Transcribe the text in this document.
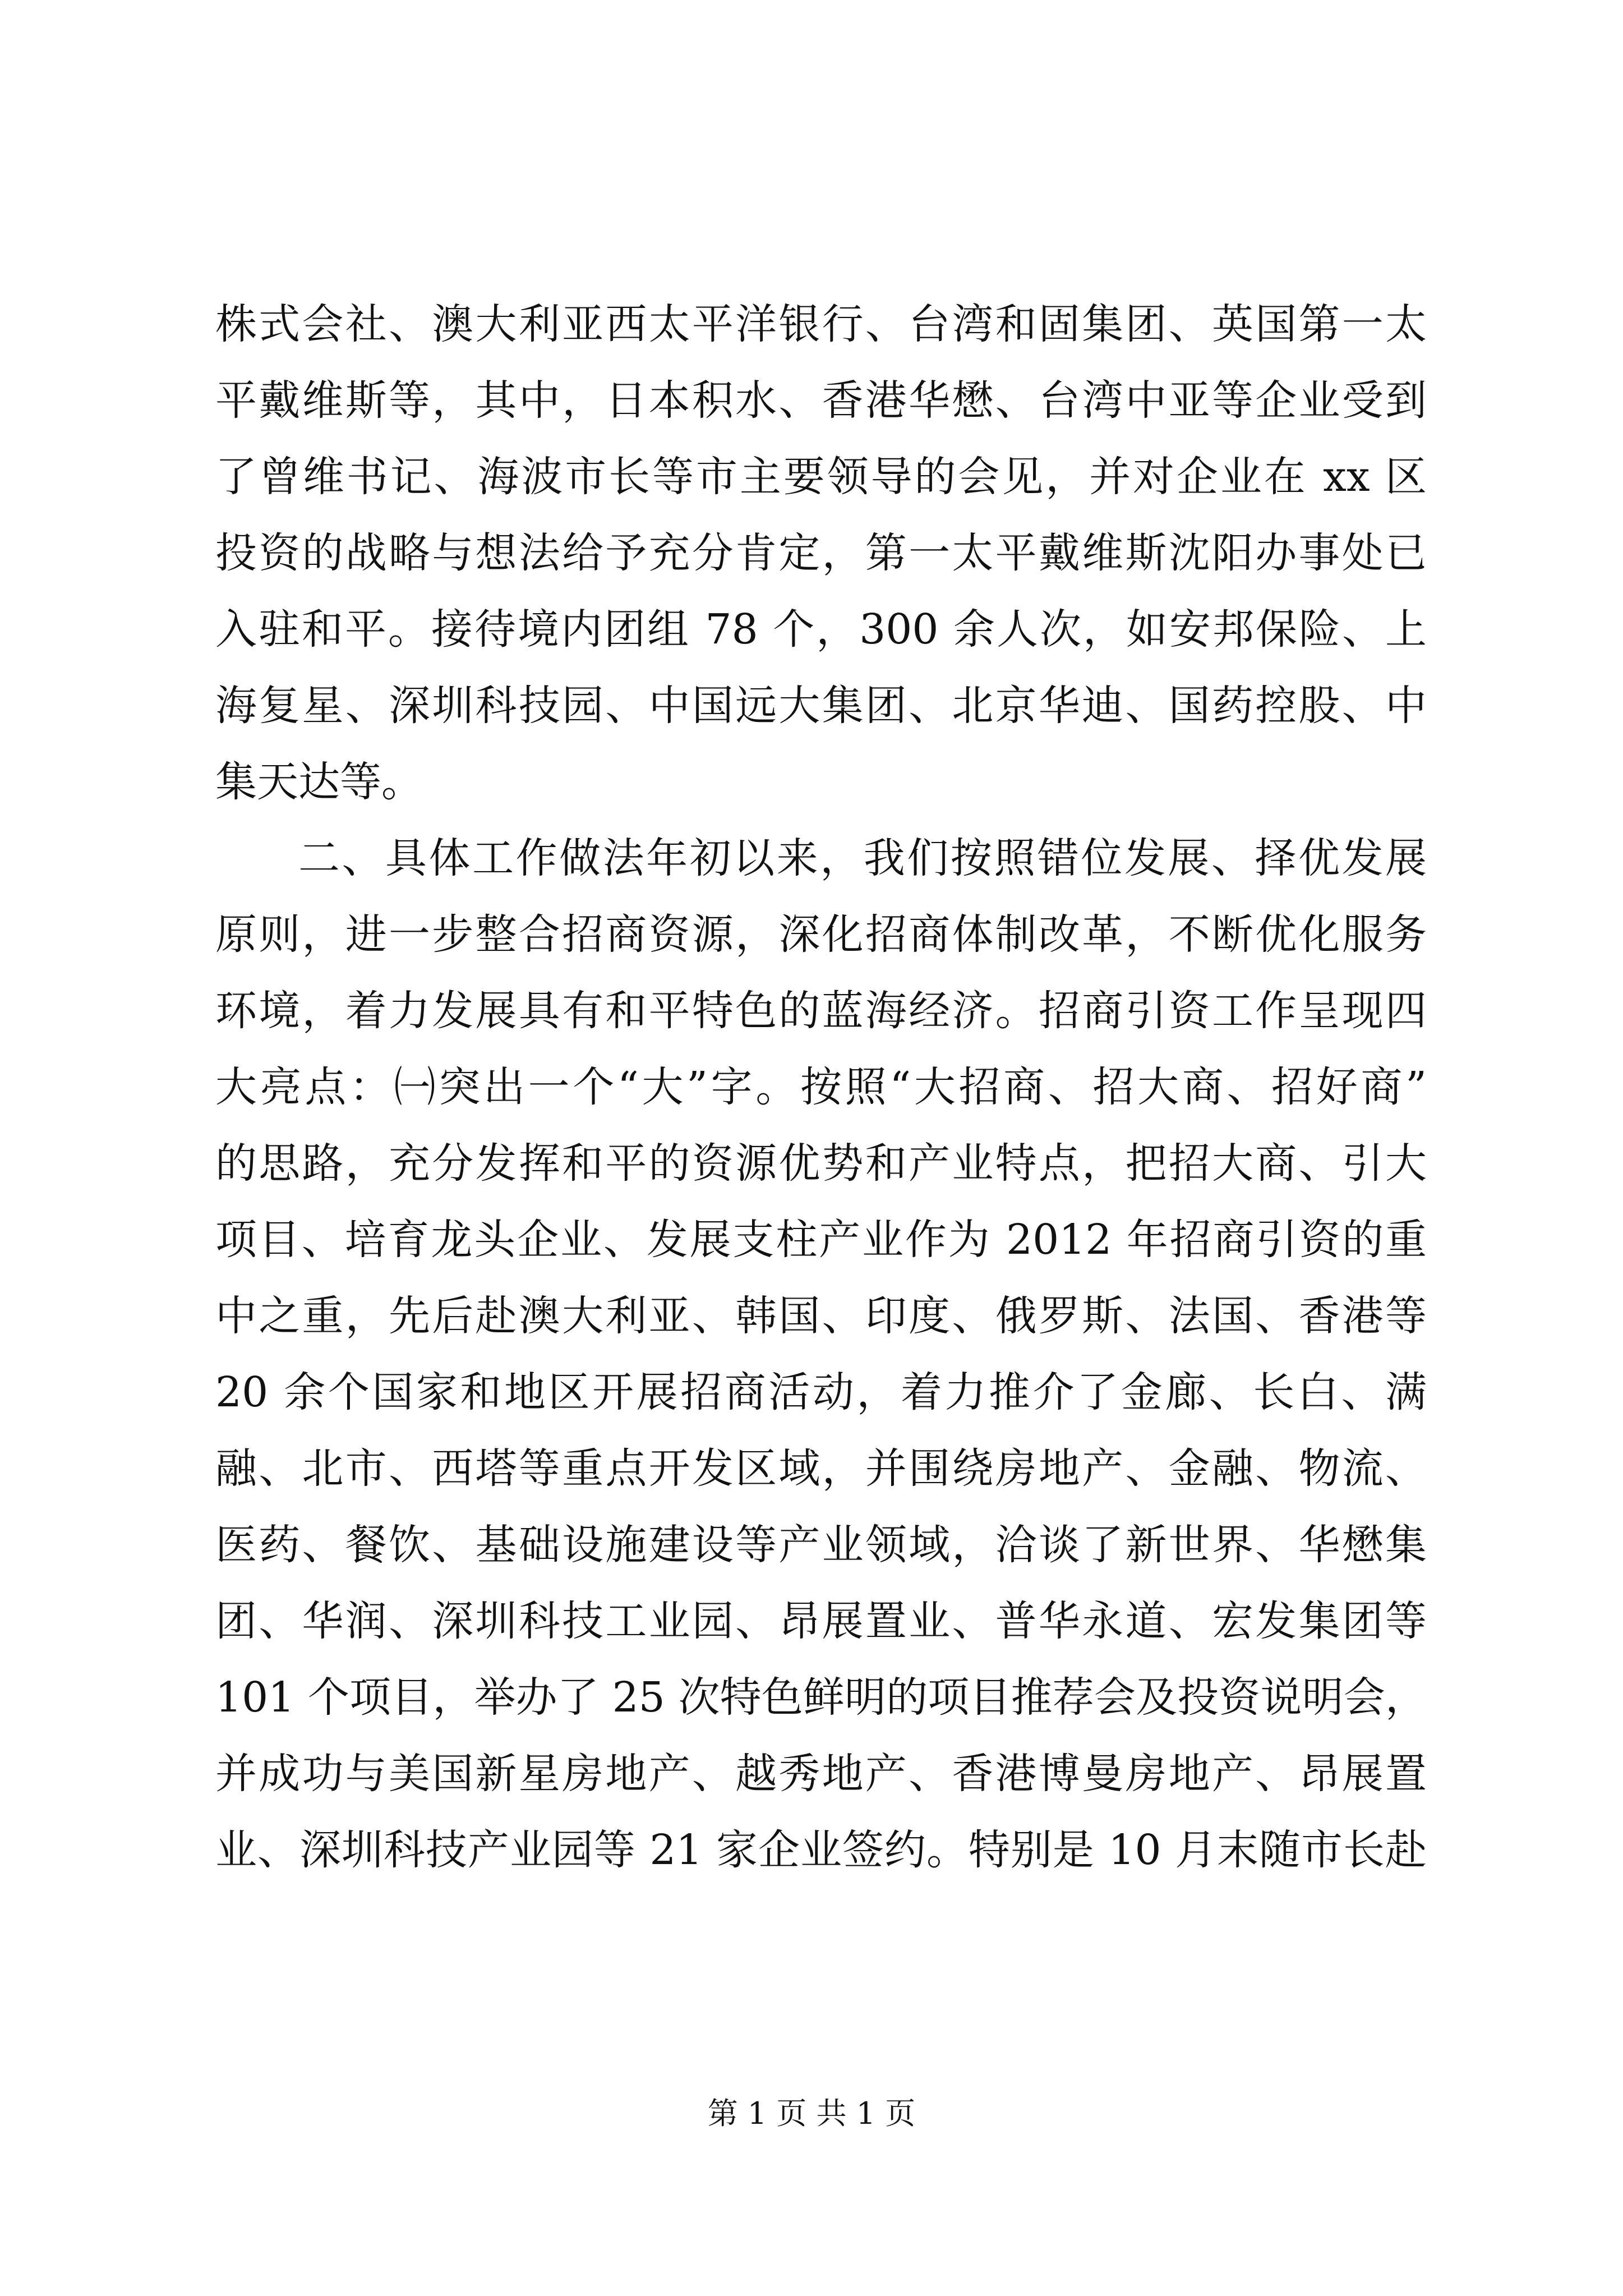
株式会社、澳大利亚西太平洋银行、台湾和固集团、英国第一太
平戴维斯等，其中，日本积水、香港华懋、台湾中亚等企业受到
了曾维书记、海波市长等市主要领导的会见，并对企业在 xx 区
投资的战略与想法给予充分肯定，第一太平戴维斯沈阳办事处已
入驻和平。接待境内团组 78 个，300 余人次，如安邦保险、上
海复星、深圳科技园、中国远大集团、北京华迪、国药控股、中
集天达等。
二、具体工作做法年初以来，我们按照错位发展、择优发展
原则，进一步整合招商资源，深化招商体制改革，不断优化服务
环境，着力发展具有和平特色的蓝海经济。招商引资工作呈现四
大亮点：㈠突出一个“大”字。按照“大招商、招大商、招好商”
的思路，充分发挥和平的资源优势和产业特点，把招大商、引大
项目、培育龙头企业、发展支柱产业作为 2012 年招商引资的重
中之重，先后赴澳大利亚、韩国、印度、俄罗斯、法国、香港等
20 余个国家和地区开展招商活动，着力推介了金廊、长白、满
融、北市、西塔等重点开发区域，并围绕房地产、金融、物流、
医药、餐饮、基础设施建设等产业领域，洽谈了新世界、华懋集
团、华润、深圳科技工业园、昂展置业、普华永道、宏发集团等
101 个项目，举办了 25 次特色鲜明的项目推荐会及投资说明会，
并成功与美国新星房地产、越秀地产、香港博曼房地产、昂展置
业、深圳科技产业园等 21 家企业签约。特别是 10 月末随市长赴
第 1 页 共 1 页
